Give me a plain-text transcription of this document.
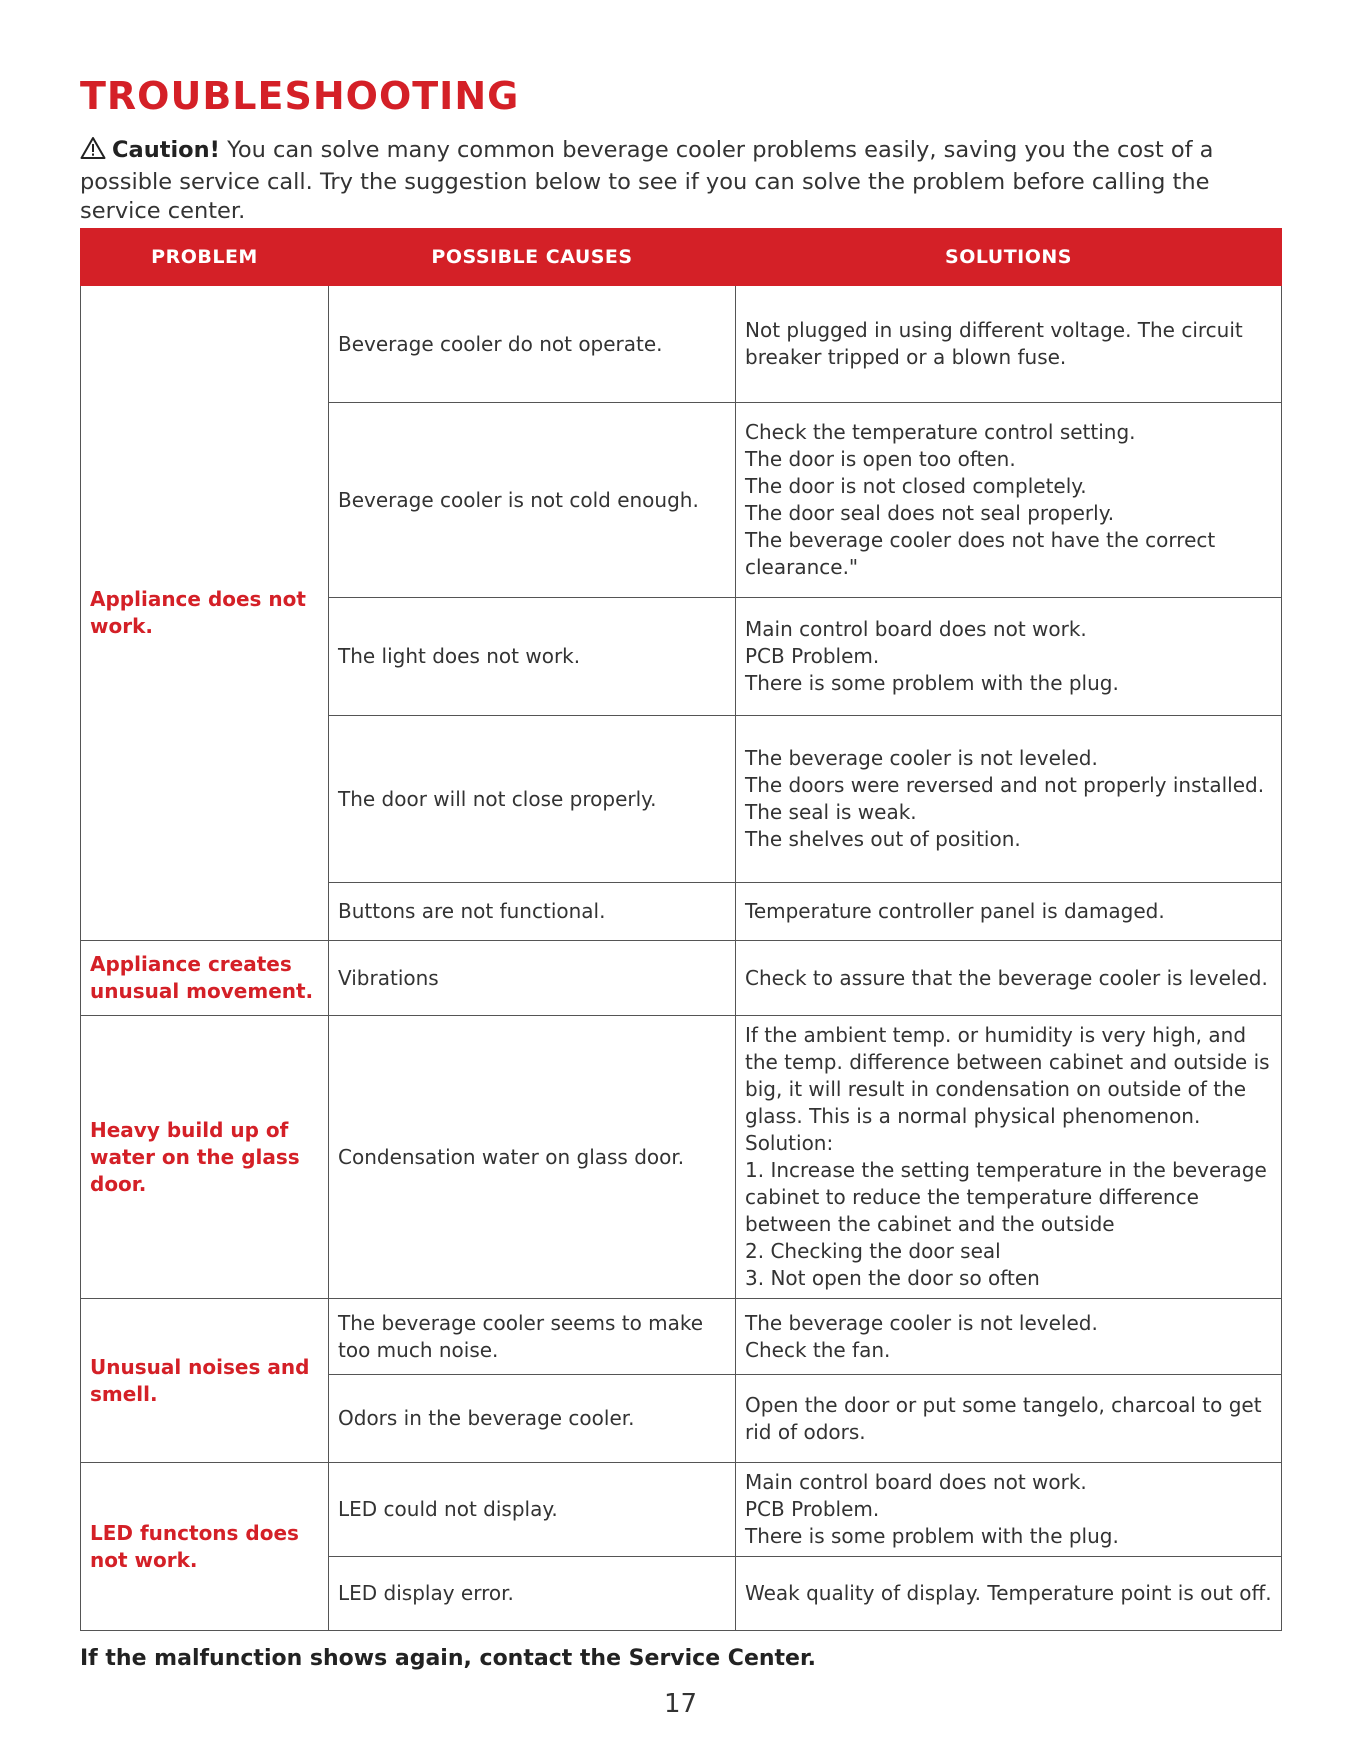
TROUBLESHOOTING
Caution! You can solve many common beverage cooler problems easily, saving you the cost of a possible service call. Try the suggestion below to see if you can solve the problem before calling the service center.
PROBLEM	POSSIBLE CAUSES	SOLUTIONS
Appliance does not work.	Beverage cooler do not operate.	Not plugged in using different voltage. The circuit breaker tripped or a blown fuse.
	Beverage cooler is not cold enough.	Check the temperature control setting.
The door is open too often.
The door is not closed completely.
The door seal does not seal properly.
The beverage cooler does not have the correct clearance."
	The light does not work.	Main control board does not work.
PCB Problem.
There is some problem with the plug.
	The door will not close properly.	The beverage cooler is not leveled.
The doors were reversed and not properly installed.
The seal is weak.
The shelves out of position.
	Buttons are not functional.	Temperature controller panel is damaged.
Appliance creates unusual movement.	Vibrations	Check to assure that the beverage cooler is leveled.
Heavy build up of water on the glass door.	Condensation water on glass door.	If the ambient temp. or humidity is very high, and the temp. difference between cabinet and outside is big, it will result in condensation on outside of the glass. This is a normal physical phenomenon. Solution:
1. Increase the setting temperature in the beverage cabinet to reduce the temperature difference between the cabinet and the outside
2. Checking the door seal
3. Not open the door so often
Unusual noises and smell.	The beverage cooler seems to make too much noise.	The beverage cooler is not leveled.
Check the fan.
	Odors in the beverage cooler.	Open the door or put some tangelo, charcoal to get rid of odors.
LED functons does not work.	LED could not display.	Main control board does not work.
PCB Problem.
There is some problem with the plug.
	LED display error.	Weak quality of display. Temperature point is out off.
If the malfunction shows again, contact the Service Center.
17
